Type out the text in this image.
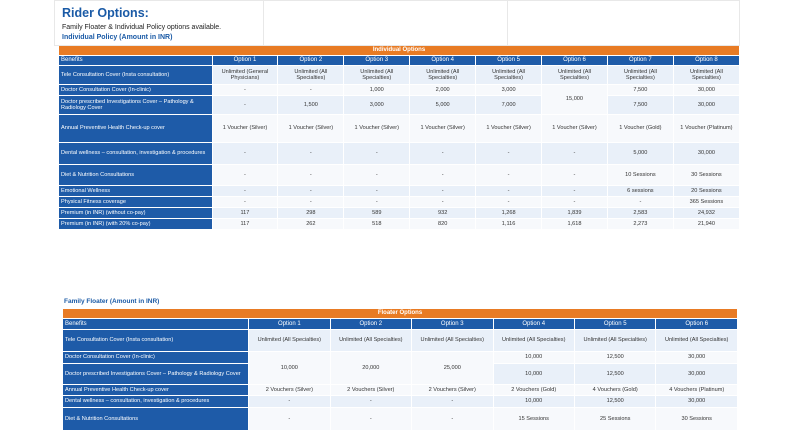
Rider Options:
Family Floater & Individual Policy options available.
Individual Policy (Amount in INR)
Individual Options								
Benefits	Option 1	Option 2	Option 3	Option 4	Option 5	Option 6	Option 7	Option 8
Tele Consultation Cover (Insta consultation)	Unlimited (General Physicians)	Unlimited (All Specialties)	Unlimited (All Specialties)	Unlimited (All Specialties)	Unlimited (All Specialties)	Unlimited (All Specialties)	Unlimited (All Specialties)	Unlimited (All Specialties)
Doctor Consultation Cover (In-clinic)	-	-	1,000	2,000	3,000	15,000	7,500	30,000
Doctor prescribed Investigations Cover – Pathology & Radiology Cover	-	1,500	3,000	5,000	7,000		7,500	30,000
Annual Preventive Health Check-up cover	1 Voucher (Silver)	1 Voucher (Silver)	1 Voucher (Silver)	1 Voucher (Silver)	1 Voucher (Silver)	1 Voucher (Silver)	1 Voucher (Gold)	1 Voucher (Platinum)
Dental wellness – consultation, investigation & procedures	-	-	-	-	-	-	5,000	30,000
Diet & Nutrition Consultations	-	-	-	-	-	-	10 Sessions	30 Sessions
Emotional Wellness	-	-	-	-	-	-	6 sessions	20 Sessions
Physical Fitness coverage	-	-	-	-	-	-	-	365 Sessions
Premium (in INR) (without co-pay)	117	298	589	932	1,268	1,839	2,583	24,932
Premium (in INR) (with 20% co-pay)	117	262	518	820	1,116	1,618	2,273	21,940
Family Floater (Amount in INR)
Floater Options						
Benefits	Option 1	Option 2	Option 3	Option 4	Option 5	Option 6
Tele Consultation Cover (Insta consultation)	Unlimited (All Specialties)	Unlimited (All Specialties)	Unlimited (All Specialties)	Unlimited (All Specialties)	Unlimited (All Specialties)	Unlimited (All Specialties)
Doctor Consultation Cover (In-clinic)	10,000	20,000	25,000	10,000	12,500	30,000
Doctor prescribed Investigations Cover – Pathology & Radiology Cover				10,000	12,500	30,000
Annual Preventive Health Check-up cover	2 Vouchers (Silver)	2 Vouchers (Silver)	2 Vouchers (Silver)	2 Vouchers (Gold)	4 Vouchers (Gold)	4 Vouchers (Platinum)
Dental wellness – consultation, investigation & procedures	-	-	-	10,000	12,500	30,000
Diet & Nutrition Consultations	-	-	-	15 Sessions	25 Sessions	30 Sessions
